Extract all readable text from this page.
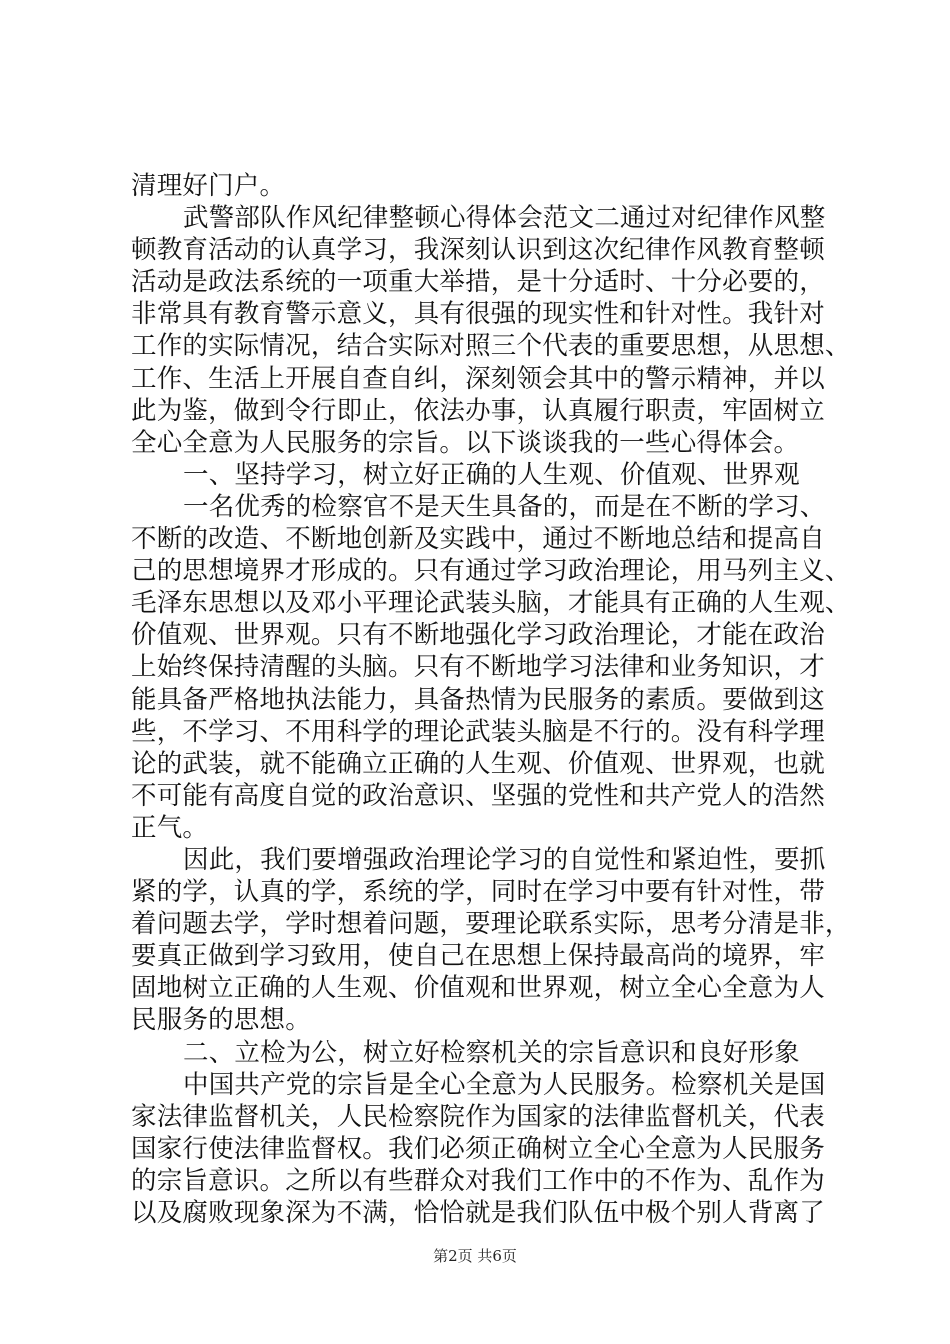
清理好门户。
武警部队作风纪律整顿心得体会范文二通过对纪律作风整
顿教育活动的认真学习，我深刻认识到这次纪律作风教育整顿
活动是政法系统的一项重大举措，是十分适时、十分必要的，
非常具有教育警示意义，具有很强的现实性和针对性。我针对
工作的实际情况，结合实际对照三个代表的重要思想，从思想、
工作、生活上开展自查自纠，深刻领会其中的警示精神，并以
此为鉴，做到令行即止，依法办事，认真履行职责，牢固树立
全心全意为人民服务的宗旨。以下谈谈我的一些心得体会。
一、坚持学习，树立好正确的人生观、价值观、世界观
一名优秀的检察官不是天生具备的，而是在不断的学习、
不断的改造、不断地创新及实践中，通过不断地总结和提高自
己的思想境界才形成的。只有通过学习政治理论，用马列主义、
毛泽东思想以及邓小平理论武装头脑，才能具有正确的人生观、
价值观、世界观。只有不断地强化学习政治理论，才能在政治
上始终保持清醒的头脑。只有不断地学习法律和业务知识，才
能具备严格地执法能力，具备热情为民服务的素质。要做到这
些，不学习、不用科学的理论武装头脑是不行的。没有科学理
论的武装，就不能确立正确的人生观、价值观、世界观，也就
不可能有高度自觉的政治意识、坚强的党性和共产党人的浩然
正气。
因此，我们要增强政治理论学习的自觉性和紧迫性，要抓
紧的学，认真的学，系统的学，同时在学习中要有针对性，带
着问题去学，学时想着问题，要理论联系实际，思考分清是非，
要真正做到学习致用，使自己在思想上保持最高尚的境界，牢
固地树立正确的人生观、价值观和世界观，树立全心全意为人
民服务的思想。
二、立检为公，树立好检察机关的宗旨意识和良好形象
中国共产党的宗旨是全心全意为人民服务。检察机关是国
家法律监督机关，人民检察院作为国家的法律监督机关，代表
国家行使法律监督权。我们必须正确树立全心全意为人民服务
的宗旨意识。之所以有些群众对我们工作中的不作为、乱作为
以及腐败现象深为不满，恰恰就是我们队伍中极个别人背离了
第2页 共6页
